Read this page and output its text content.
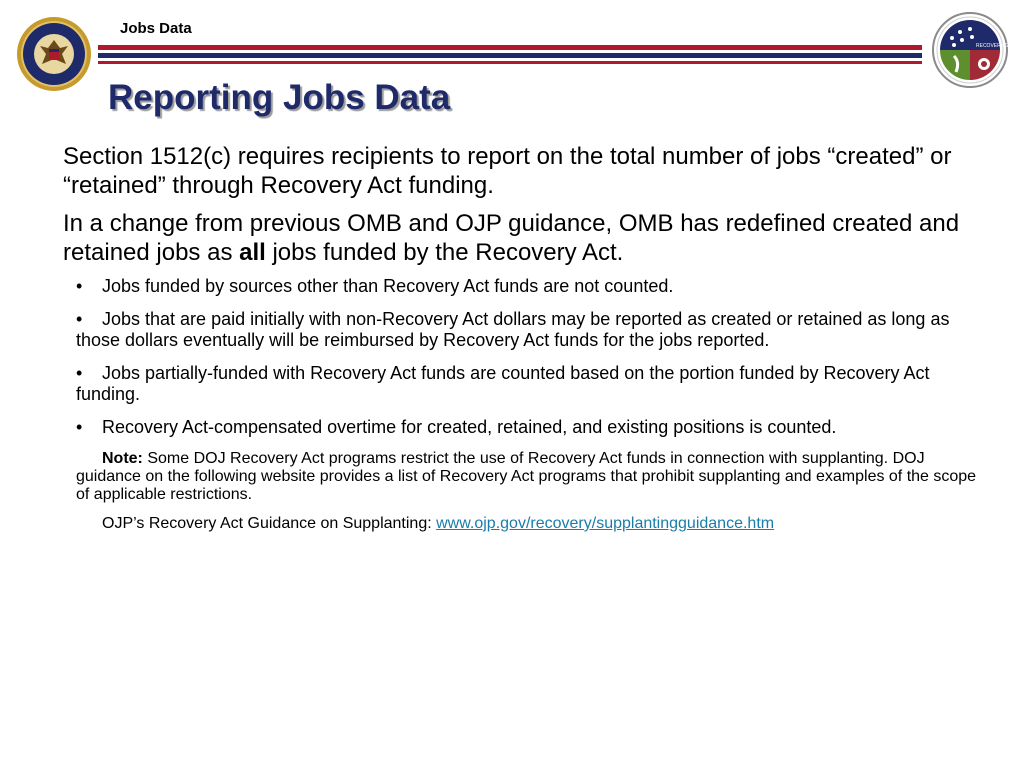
Jobs Data
RECOVERY.GOV
Reporting Jobs Data

Section 1512(c) requires recipients to report on the total number of jobs “created” or “retained” through Recovery Act funding.

In a change from previous OMB and OJP guidance, OMB has redefined created and retained jobs as all jobs funded by the Recovery Act.

• Jobs funded by sources other than Recovery Act funds are not counted.
• Jobs that are paid initially with non-Recovery Act dollars may be reported as created or retained as long as those dollars eventually will be reimbursed by Recovery Act funds for the jobs reported.
• Jobs partially-funded with Recovery Act funds are counted based on the portion funded by Recovery Act funding.
• Recovery Act-compensated overtime for created, retained, and existing positions is counted.

Note: Some DOJ Recovery Act programs restrict the use of Recovery Act funds in connection with supplanting. DOJ guidance on the following website provides a list of Recovery Act programs that prohibit supplanting and examples of the scope of applicable restrictions.

OJP’s Recovery Act Guidance on Supplanting: www.ojp.gov/recovery/supplantingguidance.htm
